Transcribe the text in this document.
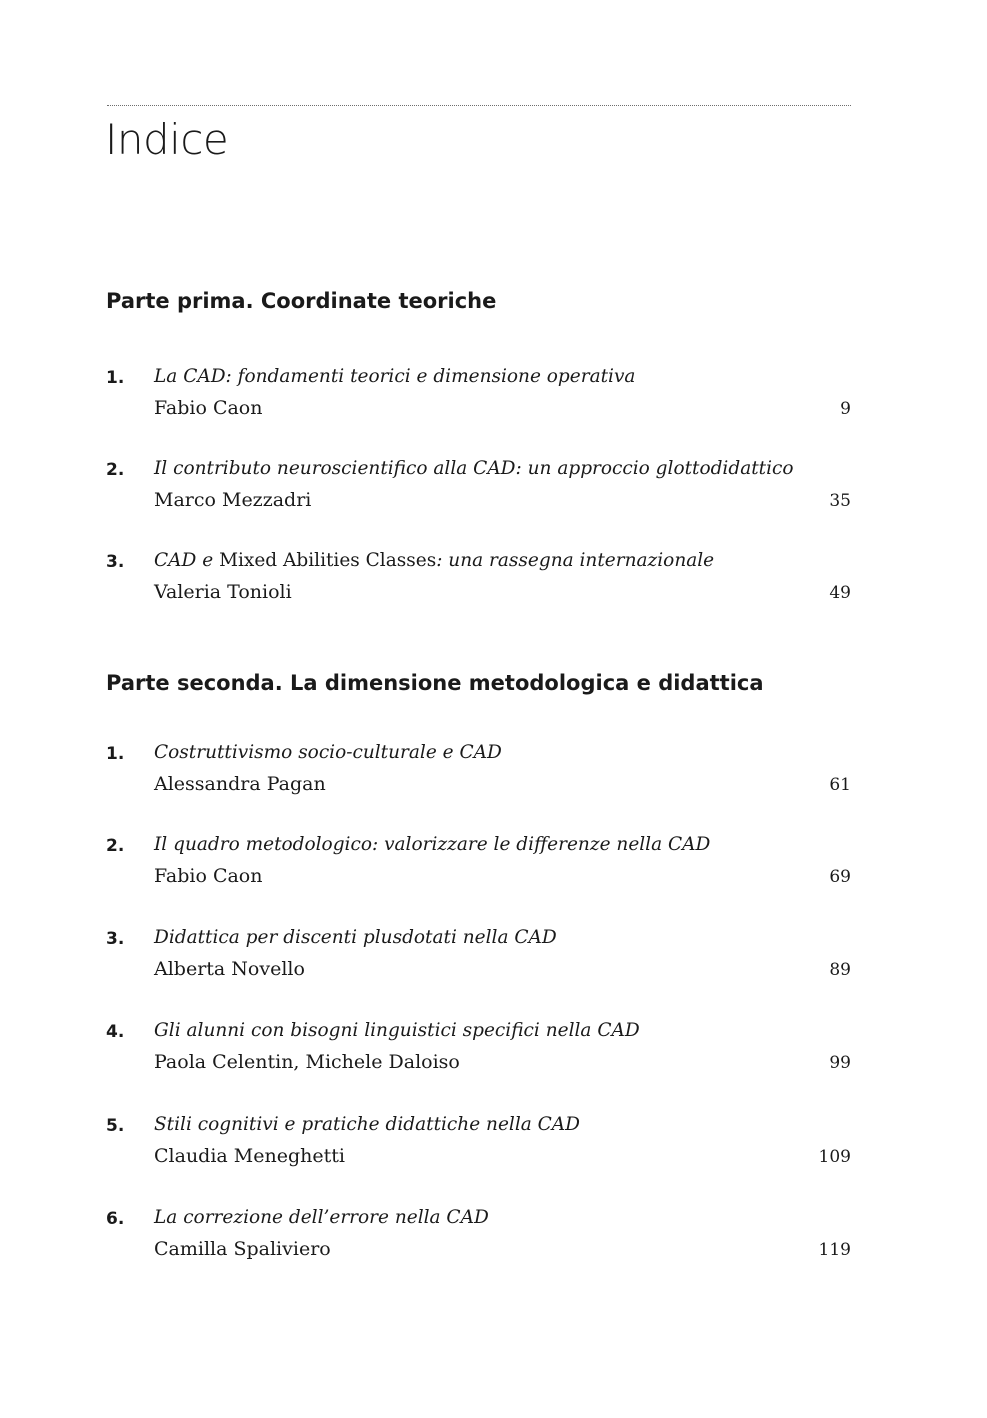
Indice
Parte prima. Coordinate teoriche
1. La CAD: fondamenti teorici e dimensione operativa
Fabio Caon	9
2. Il contributo neuroscientifico alla CAD: un approccio glottodidattico
Marco Mezzadri	35
3. CAD e Mixed Abilities Classes: una rassegna internazionale
Valeria Tonioli	49
Parte seconda. La dimensione metodologica e didattica
1. Costruttivismo socio-culturale e CAD
Alessandra Pagan	61
2. Il quadro metodologico: valorizzare le differenze nella CAD
Fabio Caon	69
3. Didattica per discenti plusdotati nella CAD
Alberta Novello	89
4. Gli alunni con bisogni linguistici specifici nella CAD
Paola Celentin, Michele Daloiso	99
5. Stili cognitivi e pratiche didattiche nella CAD
Claudia Meneghetti	109
6. La correzione dell’errore nella CAD
Camilla Spaliviero	119
